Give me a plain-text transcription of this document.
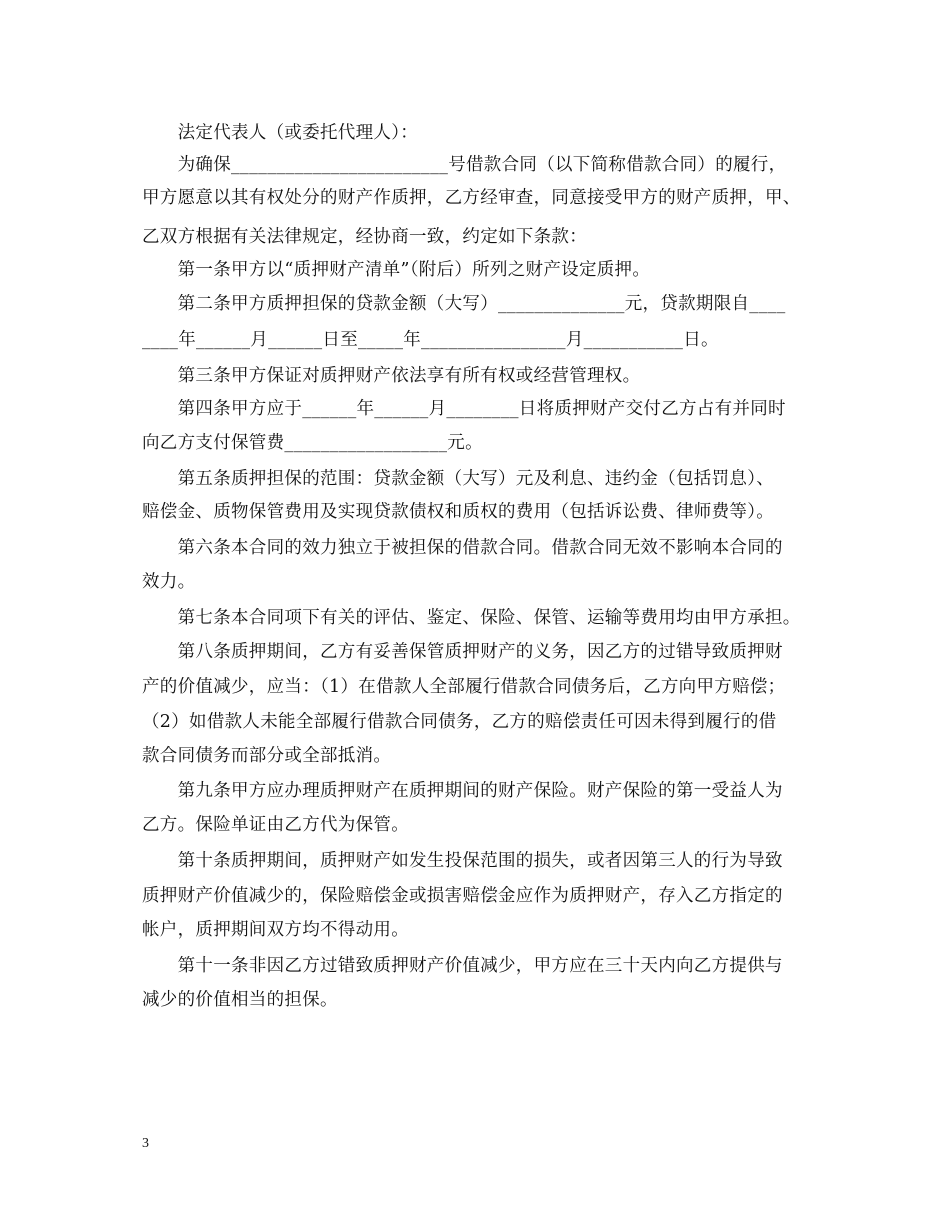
　　法定代表人（或委托代理人）：
　　为确保________________________号借款合同（以下简称借款合同）的履行，
甲方愿意以其有权处分的财产作质押，乙方经审查，同意接受甲方的财产质押，甲、
乙双方根据有关法律规定，经协商一致，约定如下条款：
　　第一条甲方以“质押财产清单”（附后）所列之财产设定质押。
　　第二条甲方质押担保的贷款金额（大写）______________元，贷款期限自____
____年______月______日至_____年________________月___________日。
　　第三条甲方保证对质押财产依法享有所有权或经营管理权。
　　第四条甲方应于______年______月________日将质押财产交付乙方占有并同时
向乙方支付保管费__________________元。
　　第五条质押担保的范围：贷款金额（大写）元及利息、违约金（包括罚息）、
赔偿金、质物保管费用及实现贷款债权和质权的费用（包括诉讼费、律师费等）。
　　第六条本合同的效力独立于被担保的借款合同。借款合同无效不影响本合同的
效力。
　　第七条本合同项下有关的评估、鉴定、保险、保管、运输等费用均由甲方承担。
　　第八条质押期间，乙方有妥善保管质押财产的义务，因乙方的过错导致质押财
产的价值减少，应当：（1）在借款人全部履行借款合同债务后，乙方向甲方赔偿；
（2）如借款人未能全部履行借款合同债务，乙方的赔偿责任可因未得到履行的借
款合同债务而部分或全部抵消。
　　第九条甲方应办理质押财产在质押期间的财产保险。财产保险的第一受益人为
乙方。保险单证由乙方代为保管。
　　第十条质押期间，质押财产如发生投保范围的损失，或者因第三人的行为导致
质押财产价值减少的，保险赔偿金或损害赔偿金应作为质押财产，存入乙方指定的
帐户，质押期间双方均不得动用。
　　第十一条非因乙方过错致质押财产价值减少，甲方应在三十天内向乙方提供与
减少的价值相当的担保。
3
